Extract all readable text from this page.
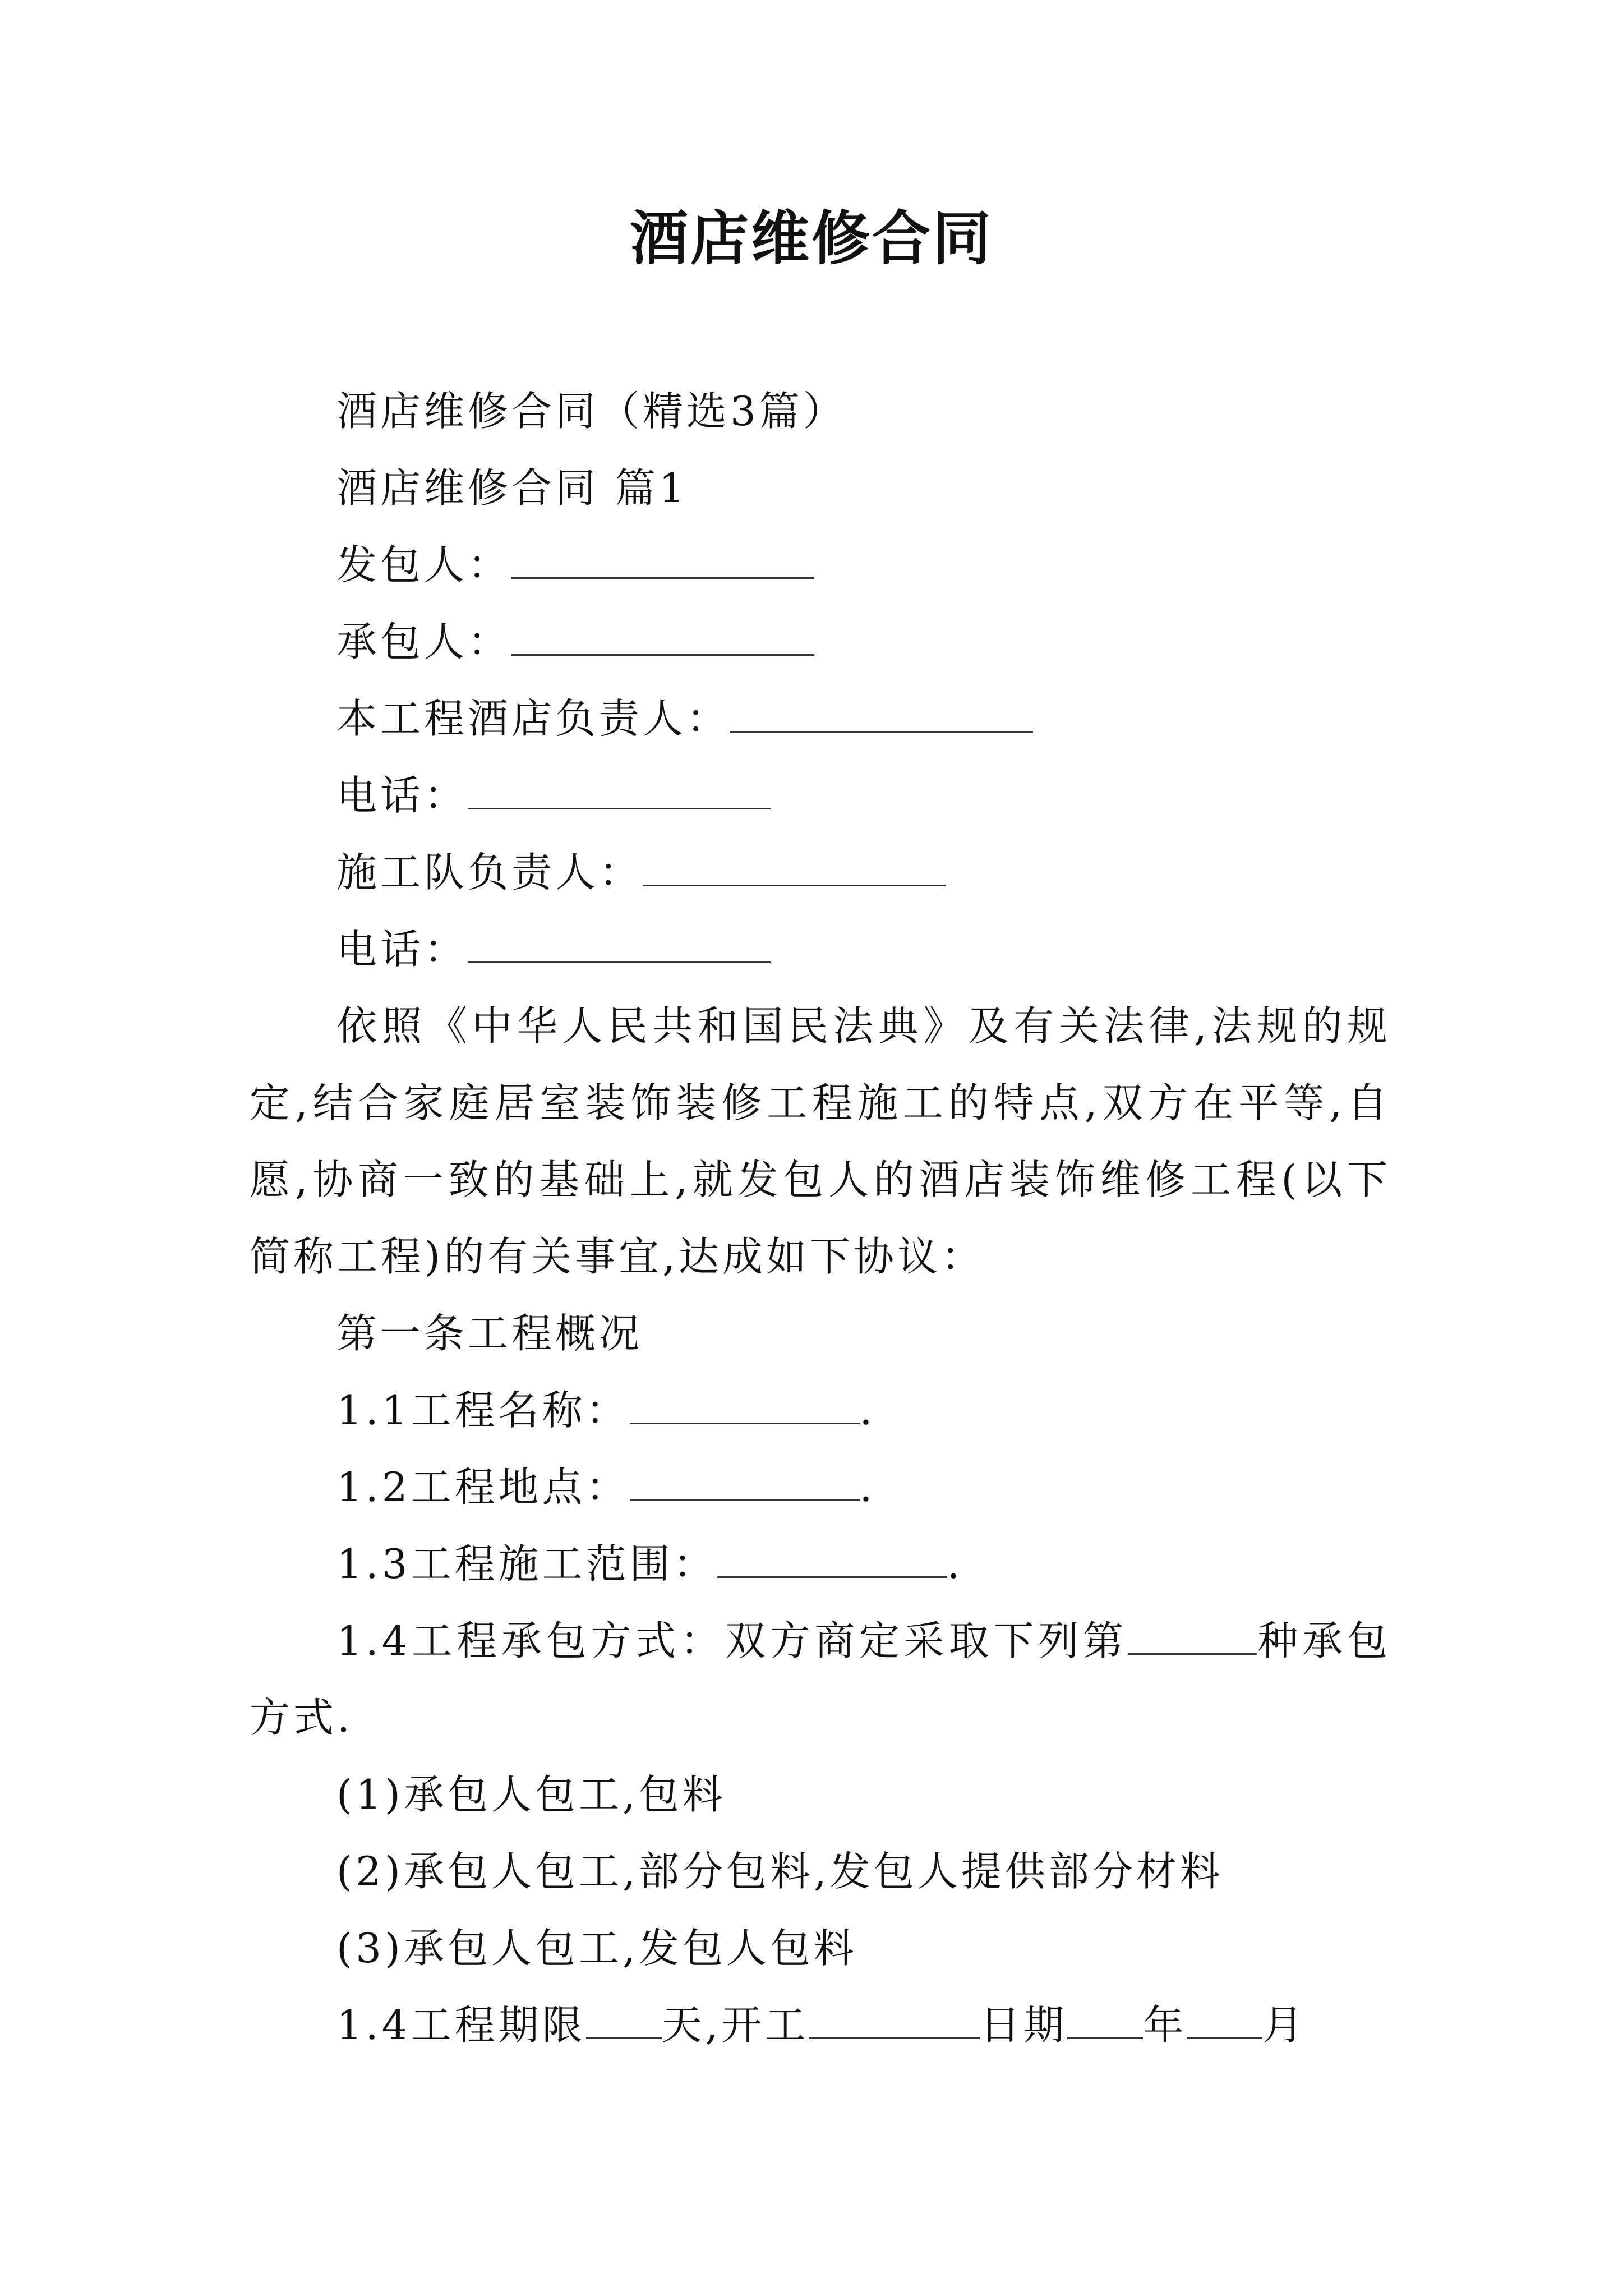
酒店维修合同

酒店维修合同（精选3篇）

酒店维修合同 篇1

发包人：

承包人：

本工程酒店负责人：

电话：

施工队负责人：

电话：

依照《中华人民共和国民法典》及有关法律,法规的规定,结合家庭居室装饰装修工程施工的特点,双方在平等,自愿,协商一致的基础上,就发包人的酒店装饰维修工程(以下简称工程)的有关事宜,达成如下协议：

第一条工程概况

1.1工程名称：	.

1.2工程地点：	.

1.3工程施工范围：	.

1.4工程承包方式：双方商定采取下列第	种承包方式.

(1)承包人包工,包料

(2)承包人包工,部分包料,发包人提供部分材料

(3)承包人包工,发包人包料

1.4工程期限 天,开工	日期 年 月
